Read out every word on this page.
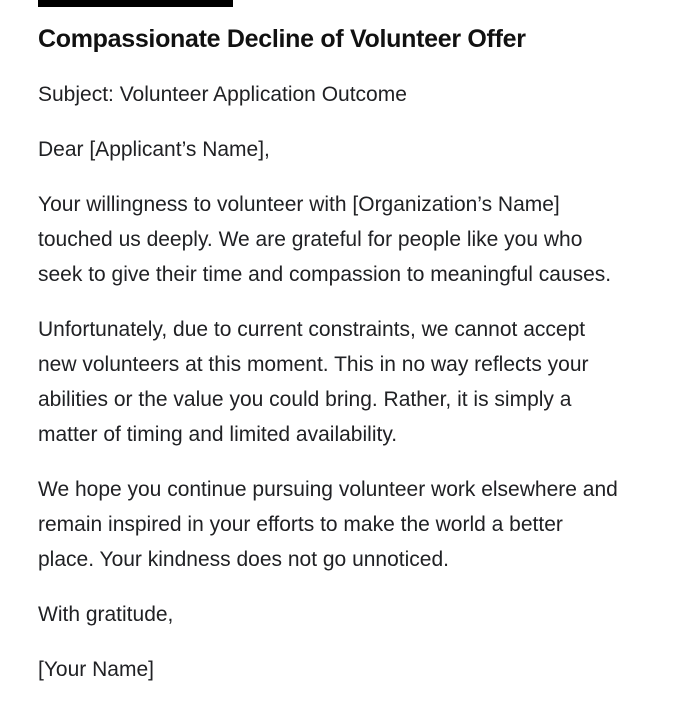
Compassionate Decline of Volunteer Offer

Subject: Volunteer Application Outcome

Dear [Applicant’s Name],

Your willingness to volunteer with [Organization’s Name]
touched us deeply. We are grateful for people like you who
seek to give their time and compassion to meaningful causes.

Unfortunately, due to current constraints, we cannot accept
new volunteers at this moment. This in no way reflects your
abilities or the value you could bring. Rather, it is simply a
matter of timing and limited availability.

We hope you continue pursuing volunteer work elsewhere and
remain inspired in your efforts to make the world a better
place. Your kindness does not go unnoticed.

With gratitude,

[Your Name]
